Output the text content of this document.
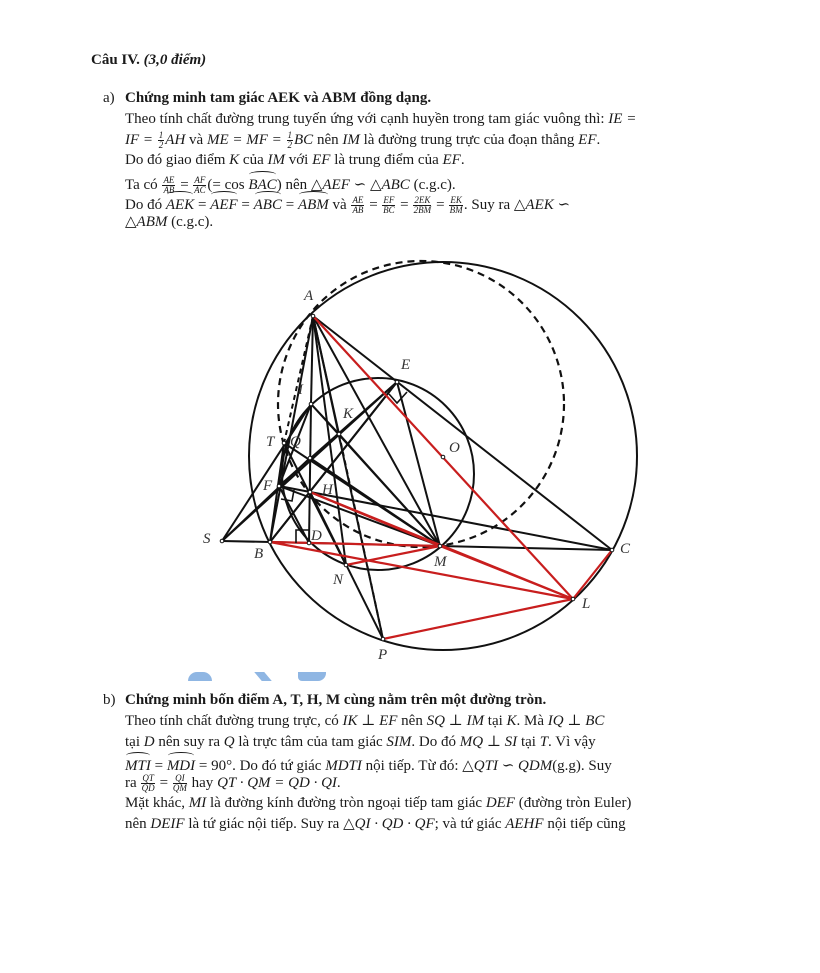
Câu IV. (3,0 điểm)
a) Chứng minh tam giác AEK và ABM đồng dạng.
Theo tính chất đường trung tuyến ứng với cạnh huyền trong tam giác vuông thì: IE =
IF = $\frac{1}{2}$ AH và ME = MF = $\frac{1}{2}$ BC nên IM là đường trung trực của đoạn thẳng EF.
Do đó giao điểm K của IM với EF là trung điểm của EF.
Ta có $\frac{AE}{AB} = \frac{AF}{AC}$ (= cos BAC) nên △AEF ∽ △ABC (c.g.c).
Do đó AEK = AEF = ABC = ABM và $\frac{AE}{AB} = \frac{EF}{BC} = \frac{2EK}{2BM} = \frac{EK}{BM}$ . Suy ra △AEK ∽
△ABM (c.g.c).
A
E
I
K
O
T Q
F	H
S
B
D
M
C
N
L
P
b) Chứng minh bốn điểm A, T, H, M cùng nằm trên một đường tròn.
Theo tính chất đường trung trực, có IK ⊥ EF nên SQ ⊥ IM tại K. Mà IQ ⊥ BC
tại D nên suy ra Q là trực tâm của tam giác SIM. Do đó MQ ⊥ SI tại T. Vì vậy
MTI = MDI = 90°. Do đó tứ giác MDTI nội tiếp. Từ đó: △QTI ∽ QDM(g.g). Suy
ra $\frac{QT}{QD} = \frac{QI}{QM}$ hay QT · QM = QD · QI.
Mặt khác, MI là đường kính đường tròn ngoại tiếp tam giác DEF (đường tròn Euler)
nên DEIF là tứ giác nội tiếp. Suy ra △QI · QD · QF; và tứ giác AEHF nội tiếp cũng
